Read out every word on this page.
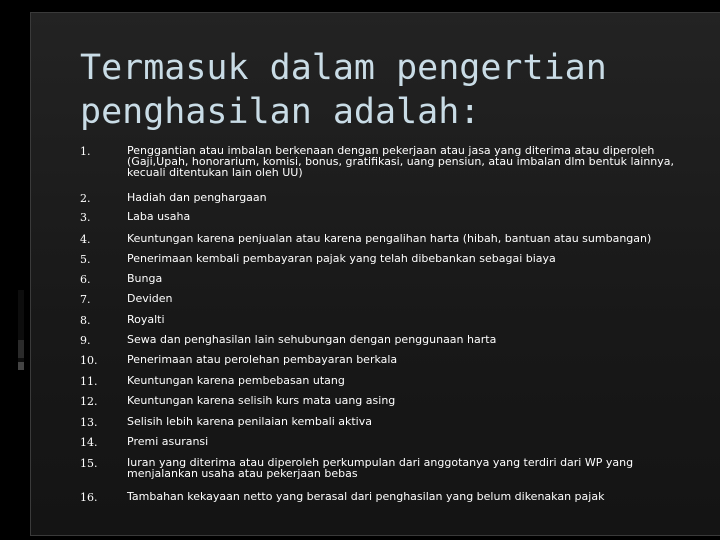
Termasuk dalam pengertian penghasilan adalah:
1.	Penggantian atau imbalan berkenaan dengan pekerjaan atau jasa yang diterima atau diperoleh (Gaji,Upah, honorarium, komisi, bonus, gratifikasi, uang pensiun, atau imbalan dlm bentuk lainnya, kecuali ditentukan lain oleh UU)
2.	Hadiah dan penghargaan
3.	Laba usaha
4.	Keuntungan karena penjualan atau karena pengalihan harta (hibah, bantuan atau sumbangan)
5.	Penerimaan kembali pembayaran pajak yang telah dibebankan sebagai biaya
6.	Bunga
7.	Deviden
8.	Royalti
9.	Sewa dan penghasilan lain sehubungan dengan penggunaan harta
10.	Penerimaan atau perolehan pembayaran berkala
11.	Keuntungan karena pembebasan utang
12.	Keuntungan karena selisih kurs mata uang asing
13.	Selisih lebih karena penilaian kembali aktiva
14.	Premi asuransi
15.	Iuran yang diterima atau diperoleh perkumpulan dari anggotanya yang terdiri dari WP yang menjalankan usaha atau pekerjaan bebas
16.	Tambahan kekayaan netto yang berasal dari penghasilan yang belum dikenakan pajak
